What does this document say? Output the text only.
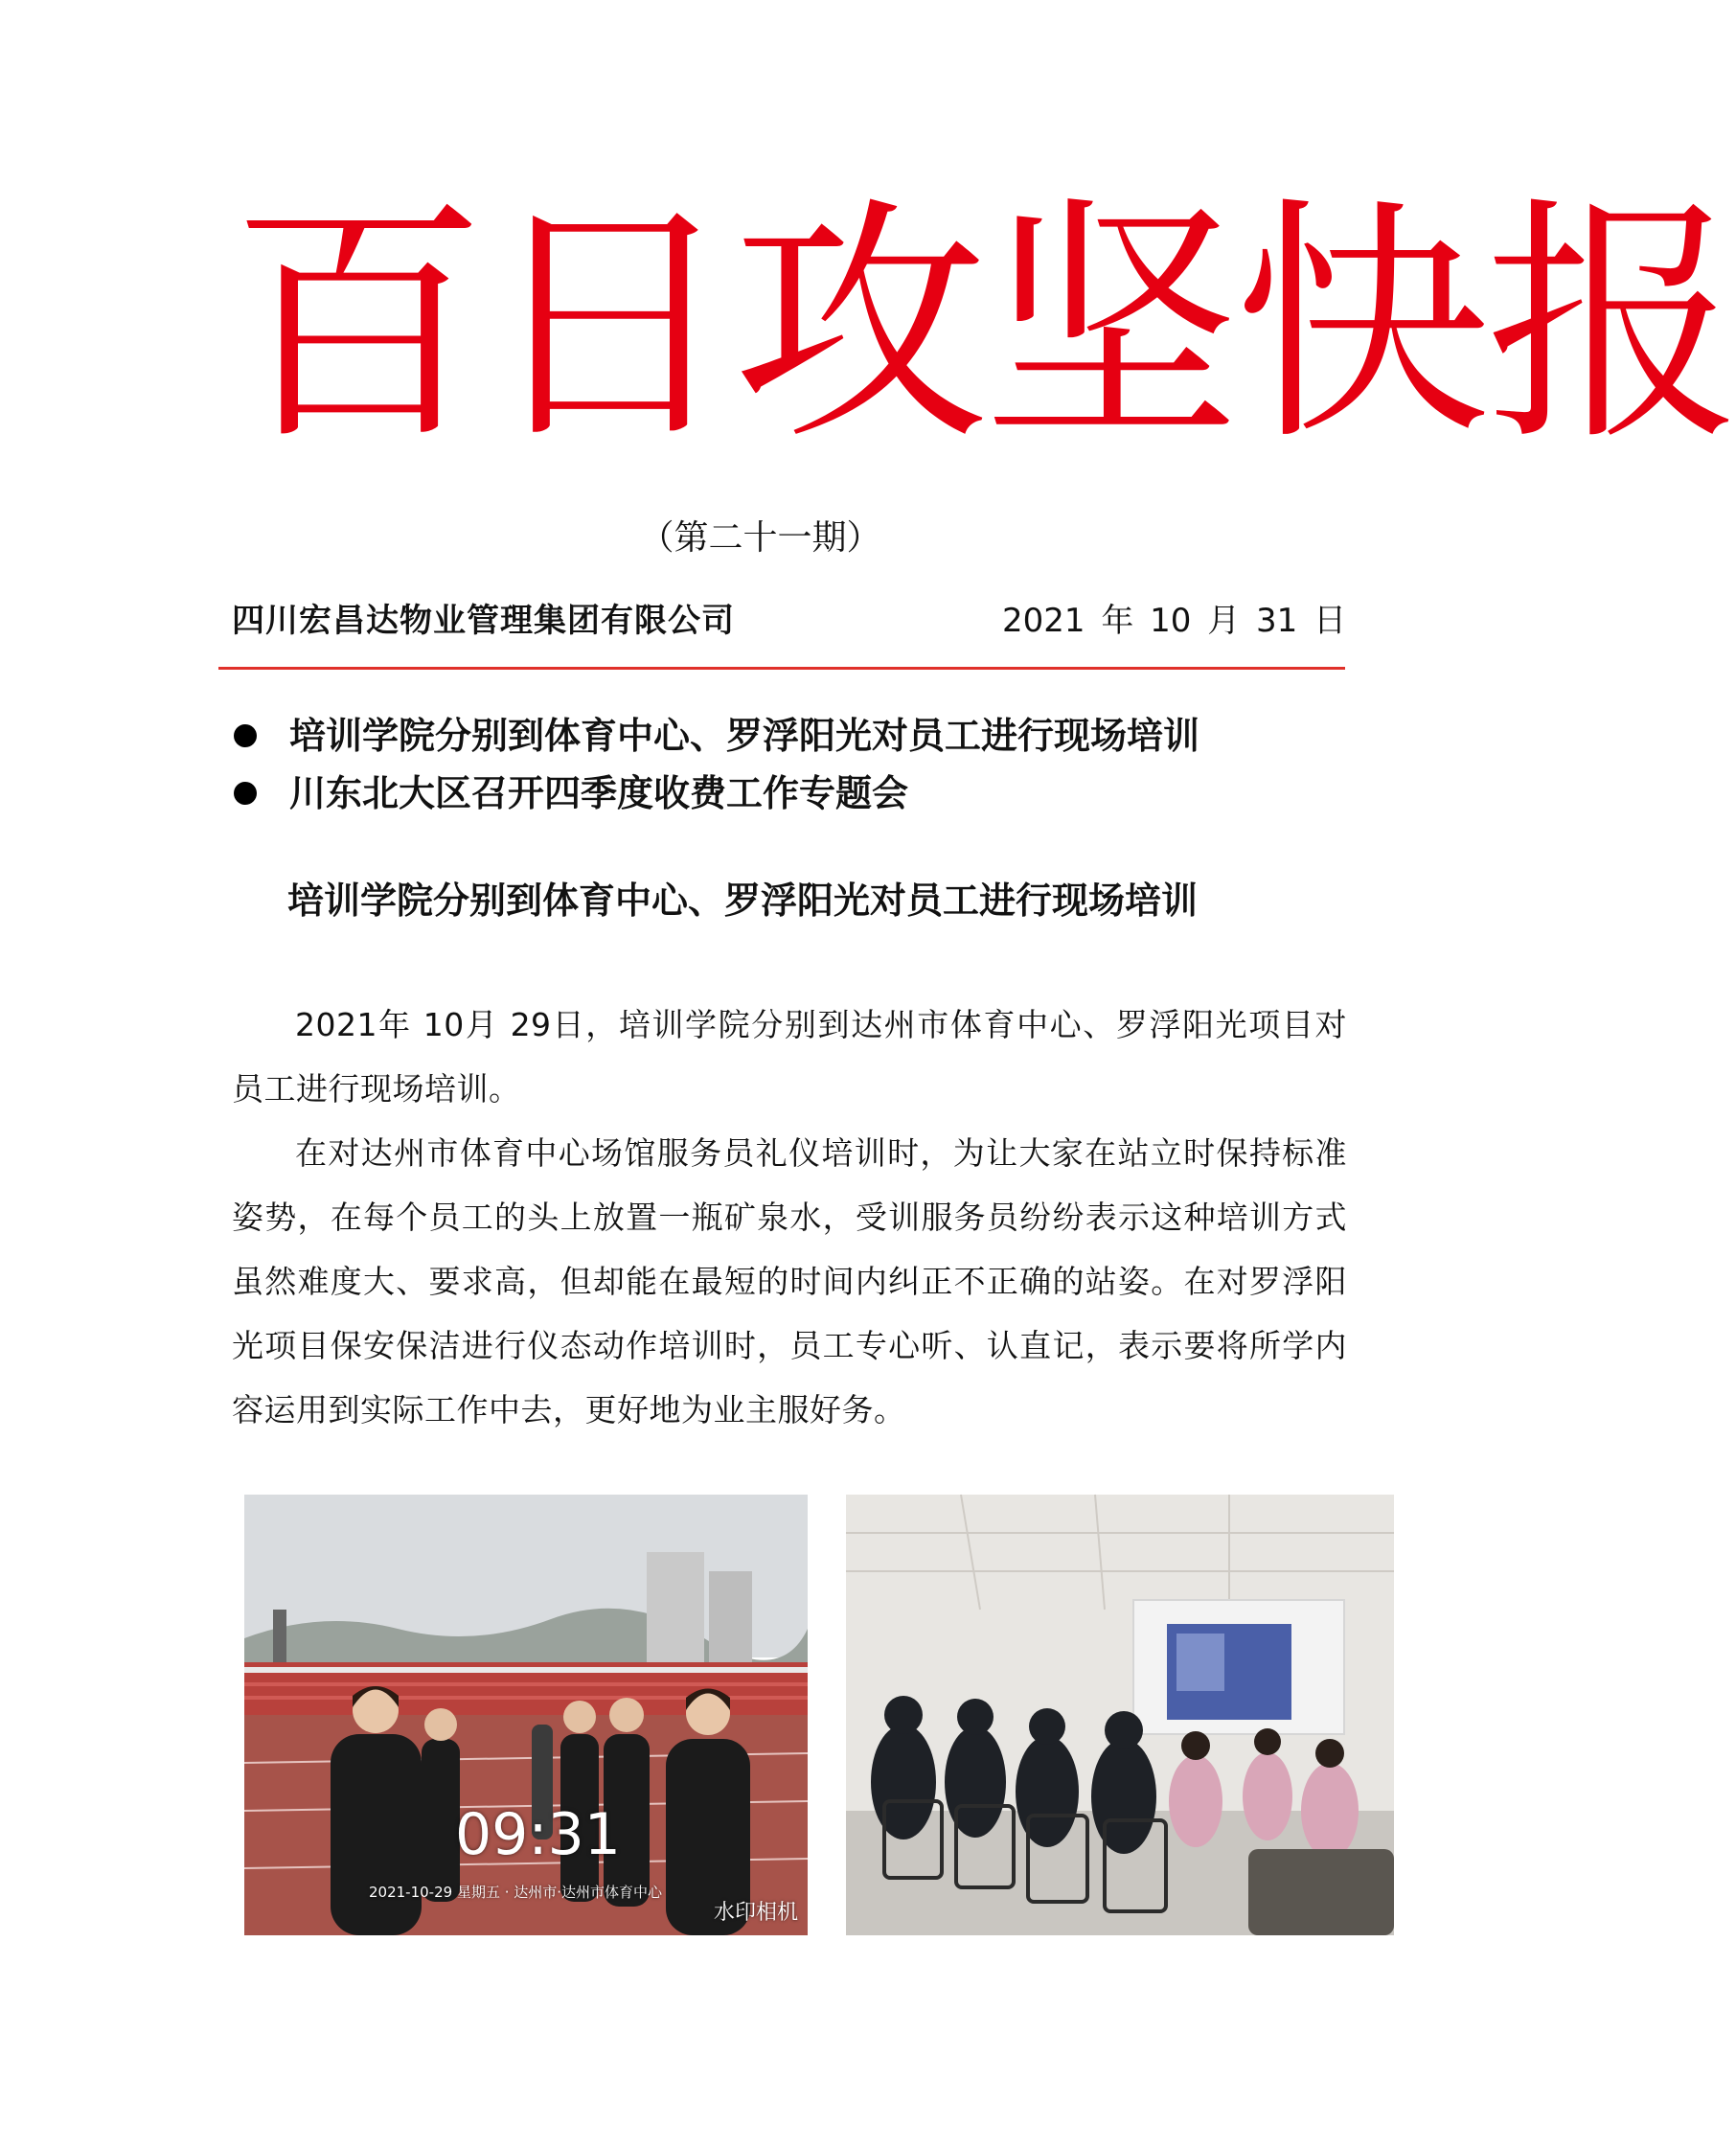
百日攻坚快报
（第二十一期）
四川宏昌达物业管理集团有限公司	2021 年 10 月 31 日
培训学院分别到体育中心、罗浮阳光对员工进行现场培训
川东北大区召开四季度收费工作专题会
培训学院分别到体育中心、罗浮阳光对员工进行现场培训

2021年 10月 29日，培训学院分别到达州市体育中心、罗浮阳光项目对员工进行现场培训。

在对达州市体育中心场馆服务员礼仪培训时，为让大家在站立时保持标准姿势，在每个员工的头上放置一瓶矿泉水，受训服务员纷纷表示这种培训方式虽然难度大、要求高，但却能在最短的时间内纠正不正确的站姿。在对罗浮阳光项目保安保洁进行仪态动作培训时，员工专心听、认直记，表示要将所学内容运用到实际工作中去，更好地为业主服好务。

09:31
2021-10-29 星期五 · 达州市·达州市体育中心
水印相机
